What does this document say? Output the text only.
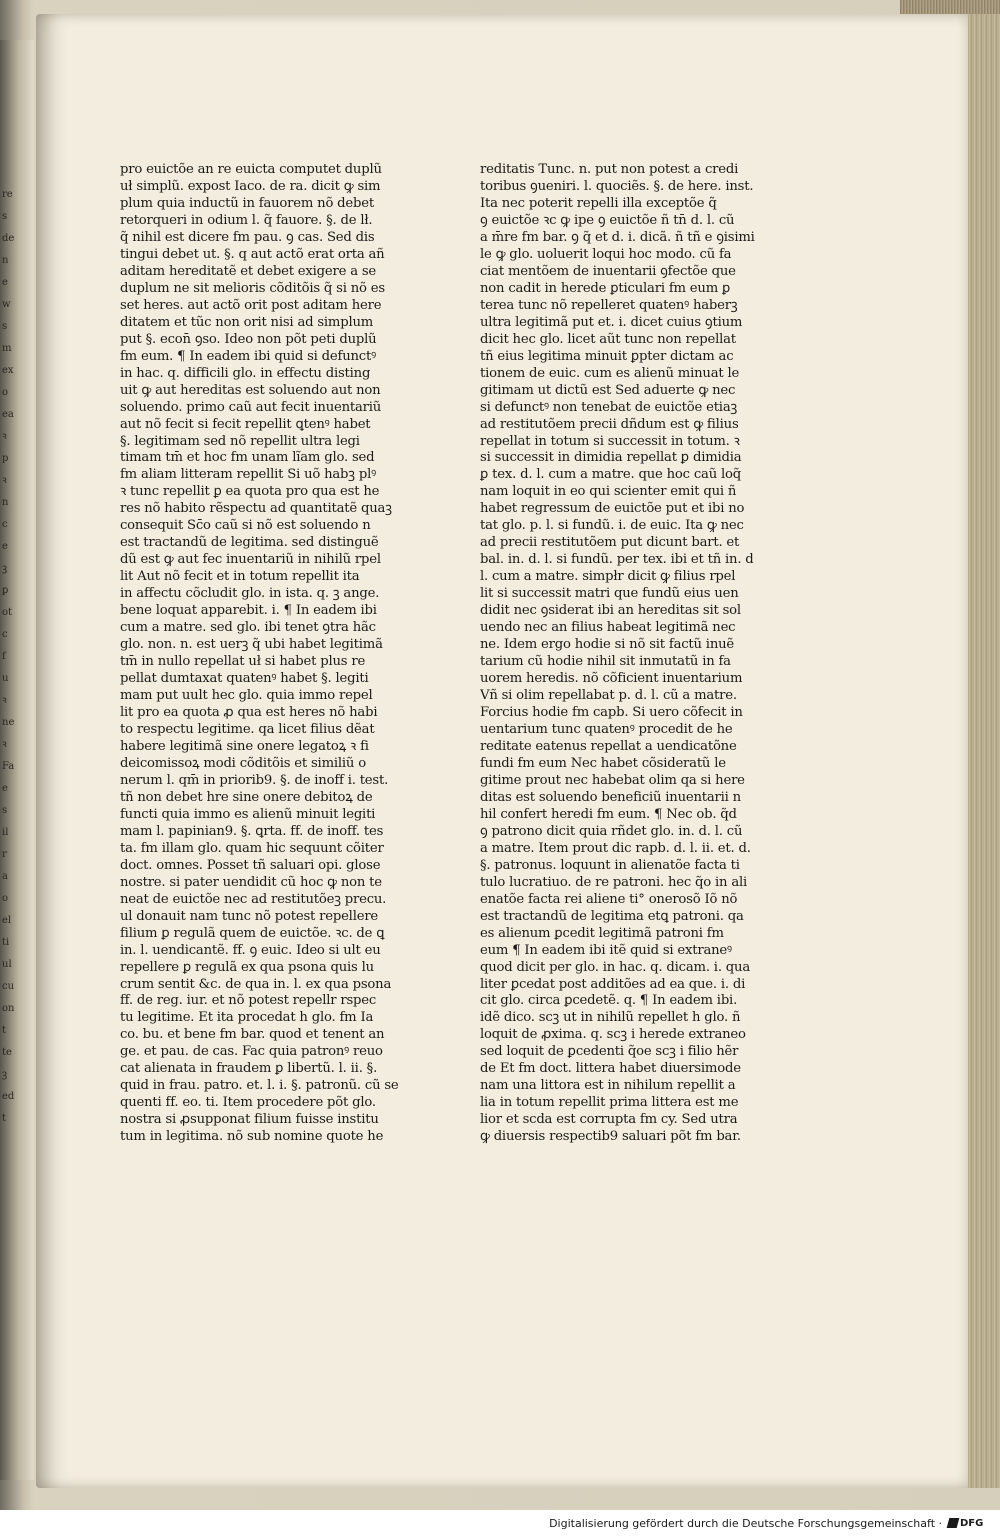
re
s
de
n
e
w
s
m
ex
o
ea
ꝛ
p
ꝛ
n
c
e
ꝫ
ꝑ
ot
c
f
u
ꝛ
ne
ꝛ
Fa
e
s
il
r
a
o
el
ti
ul
cu
on
t
te
ꝫ
ed
t
pro euictõe an re euicta computet duplũ
uł simplũ. expost Iaco. de ra. dicit ꝙ sim
plum quia inductũ in fauorem nõ debet
retorqueri in odium l. q̃ fauore. §. de lł.
q̃ nihil est dicere fm pau. ꝯ cas. Sed dis
tingui debet ut. §. q aut actõ erat orta añ
aditam hereditatẽ et debet exigere a se
duplum ne sit melioris cõditõis q̃ si nõ es
set heres. aut actõ orit post aditam here
ditatem et tũc non orit nisi ad simplum
put §. econ̄ ꝯso. Ideo non põt peti duplũ
fm eum. ¶ In eadem ibi quid si defunctꝰ
in hac. q. difficili glo. in effectu disting
uit ꝙ aut hereditas est soluendo aut non
soluendo. primo caũ aut fecit inuentariũ
aut nõ fecit si fecit repellit ꝗtenꝰ habet
§. legitimam sed nõ repellit ultra legi
timam tm̄ et hoc fm unam lĩam glo. sed
fm aliam litteram repellit Si uõ habꝫ plꝰ
ꝛ tunc repellit ꝑ ea quota pro qua est he
res nõ habito rẽspectu ad quantitatẽ quaꝫ
consequit Sc̄o caũ si nõ est soluendo n
est tractandũ de legitima. sed distinguẽ
dũ est ꝙ aut fec inuentariũ in nihilũ rpel
lit Aut nõ fecit et in totum repellit ita
in affectu cõcludit glo. in ista. q. ꝫ ange.
bene loquat apparebit. i. ¶ In eadem ibi
cum a matre. sed glo. ibi tenet ꝯtra hãc
glo. non. n. est uerꝫ q̃ ubi habet legitimã
tm̄ in nullo repellat uł si habet plus re
pellat dumtaxat quatenꝰ habet §. legiti
mam put uult hec glo. quia immo repel
lit pro ea quota ꝓ qua est heres nõ habi
to respectu legitime. qa licet filius dẽat
habere legitimã sine onere legatoꝝ ꝛ fi
deicomissoꝝ modi cõditõis et similiũ o
nerum l. qm̄ in priorib9. §. de inoff i. test.
tñ non debet hre sine onere debitoꝝ de
functi quia immo es alienũ minuit legiti
mam l. papinian9. §. ꝗrta. ff. de inoff. tes
ta. fm illam glo. quam hic sequunt cõiter
doct. omnes. Posset tñ saluari opi. glose
nostre. si pater uendidit cũ hoc ꝙ non te
neat de euictõe nec ad restitutõeꝫ precu.
ul donauit nam tunc nõ potest repellere
filium ꝑ regulã quem de euictõe. ꝛc. de ꝗ
in. l. uendicantẽ. ff. ꝯ euic. Ideo si ult eu
repellere ꝑ regulã ex qua psona quis lu
crum sentit &c. de qua in. l. ex qua psona
ff. de reg. iur. et nõ potest repellr rspec
tu legitime. Et ita procedat h glo. fm Ia
co. bu. et bene fm bar. quod et tenent an
ge. et pau. de cas. Fac quia patronꝰ reuo
cat alienata in fraudem ꝑ libertũ. l. ii. §.
quid in frau. patro. et. l. i. §. patronũ. cũ se
quenti ff. eo. ti. Item procedere põt glo.
nostra si ꝓsupponat filium fuisse institu
tum in legitima. nõ sub nomine quote he
reditatis Tunc. n. put non potest a credi
toribus ꝯueniri. l. quociẽs. §. de here. inst.
Ita nec poterit repelli illa exceptõe q̃
ꝯ euictõe ꝛc ꝙ ipe ꝯ euictõe ñ tn̄ d. l. cũ
a m̄re fm bar. ꝯ q̃ et d. i. dicã. ñ tñ e ꝯisimi
le ꝙ glo. uoluerit loqui hoc modo. cũ fa
ciat mentõem de inuentarii ꝯfectõe que
non cadit in herede ꝑticulari fm eum ꝑ
terea tunc nõ repelleret quatenꝰ haberꝫ
ultra legitimã put et. i. dicet cuius ꝯtium
dicit hec glo. licet aũt tunc non repellat
tñ eius legitima minuit ꝑpter dictam ac
tionem de euic. cum es alienũ minuat le
gitimam ut dictũ est Sed aduerte ꝙ nec
si defunctꝰ non tenebat de euictõe etiaꝫ
ad restitutõem precii dñdum est ꝙ filius
repellat in totum si successit in totum. ꝛ
si successit in dimidia repellat ꝑ dimidia
ꝑ tex. d. l. cum a matre. que hoc caũ loq̃
nam loquit in eo qui scienter emit qui ñ
habet regressum de euictõe put et ibi no
tat glo. p. l. si fundũ. i. de euic. Ita ꝙ nec
ad precii restitutõem put dicunt bart. et
bal. in. d. l. si fundũ. per tex. ibi et tñ in. d
l. cum a matre. simpłr dicit ꝙ filius rpel
lit si successit matri que fundũ eius uen
didit nec ꝯsiderat ibi an hereditas sit sol
uendo nec an filius habeat legitimã nec
ne. Idem ergo hodie si nõ sit factũ inuẽ
tarium cũ hodie nihil sit inmutatũ in fa
uorem heredis. nõ cõficient inuentarium
Vñ si olim repellabat p. d. l. cũ a matre.
Forcius hodie fm capb. Si uero cõfecit in
uentarium tunc quatenꝰ procedit de he
reditate eatenus repellat a uendicatõne
fundi fm eum Nec habet cõsideratũ le
gitime prout nec habebat olim qa si here
ditas est soluendo beneficiũ inuentarii n
hil confert heredi fm eum. ¶ Nec ob. q̃d
ꝯ patrono dicit quia rñdet glo. in. d. l. cũ
a matre. Item prout dic rapb. d. l. ii. et. d.
§. patronus. loquunt in alienatõe facta ti
tulo lucratiuo. de re patroni. hec q̃o in ali
enatõe facta rei aliene ti° onerosõ Iõ nõ
est tractandũ de legitima etꝗ patroni. qa
es alienum ꝑcedit legitimã patroni fm
eum ¶ In eadem ibi itẽ quid si extraneꝰ
quod dicit per glo. in hac. q. dicam. i. qua
liter ꝑcedat post additões ad ea que. i. di
cit glo. circa ꝑcedetẽ. q. ¶ In eadem ibi.
idẽ dico. scꝫ ut in nihilũ repellet h glo. ñ
loquit de ꝓxima. q. scꝫ i herede extraneo
sed loquit de ꝑcedenti q̃oe scꝫ i filio hẽr
de Et fm doct. littera habet diuersimode
nam una littora est in nihilum repellit a
lia in totum repellit prima littera est me
lior et scd̄a est corrupta fm cy. Sed utra
ꝙ diuersis respectib9 saluari põt fm bar.
Digitalisierung gefördert durch die Deutsche Forschungsgemeinschaft · DFG
